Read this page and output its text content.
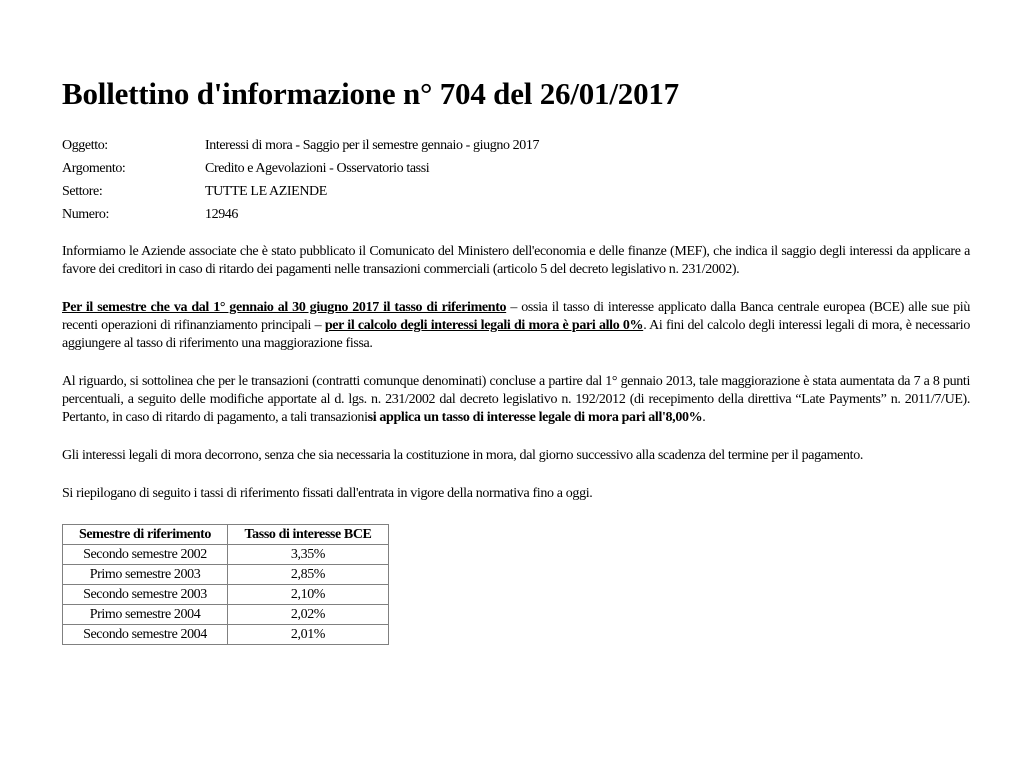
Bollettino d'informazione n° 704 del 26/01/2017
Oggetto:	Interessi di mora - Saggio per il semestre gennaio - giugno 2017
Argomento:	Credito e Agevolazioni - Osservatorio tassi
Settore:	TUTTE LE AZIENDE
Numero:	12946

Informiamo le Aziende associate che è stato pubblicato il Comunicato del Ministero dell'economia e delle finanze (MEF), che indica il saggio degli interessi da applicare a favore dei creditori in caso di ritardo dei pagamenti nelle transazioni commerciali (articolo 5 del decreto legislativo n. 231/2002).

Per il semestre che va dal 1° gennaio al 30 giugno 2017 il tasso di riferimento – ossia il tasso di interesse applicato dalla Banca centrale europea (BCE) alle sue più recenti operazioni di rifinanziamento principali – per il calcolo degli interessi legali di mora è pari allo 0%. Ai fini del calcolo degli interessi legali di mora, è necessario aggiungere al tasso di riferimento una maggiorazione fissa.

Al riguardo, si sottolinea che per le transazioni (contratti comunque denominati) concluse a partire dal 1° gennaio 2013, tale maggiorazione è stata aumentata da 7 a 8 punti percentuali, a seguito delle modifiche apportate al d. lgs. n. 231/2002 dal decreto legislativo n. 192/2012 (di recepimento della direttiva “Late Payments” n. 2011/7/UE). Pertanto, in caso di ritardo di pagamento, a tali transazionisi applica un tasso di interesse legale di mora pari all'8,00%.

Gli interessi legali di mora decorrono, senza che sia necessaria la costituzione in mora, dal giorno successivo alla scadenza del termine per il pagamento.

Si riepilogano di seguito i tassi di riferimento fissati dall'entrata in vigore della normativa fino a oggi.

Semestre di riferimento	Tasso di interesse BCE
Secondo semestre 2002	3,35%
Primo semestre 2003	2,85%
Secondo semestre 2003	2,10%
Primo semestre 2004	2,02%
Secondo semestre 2004	2,01%
